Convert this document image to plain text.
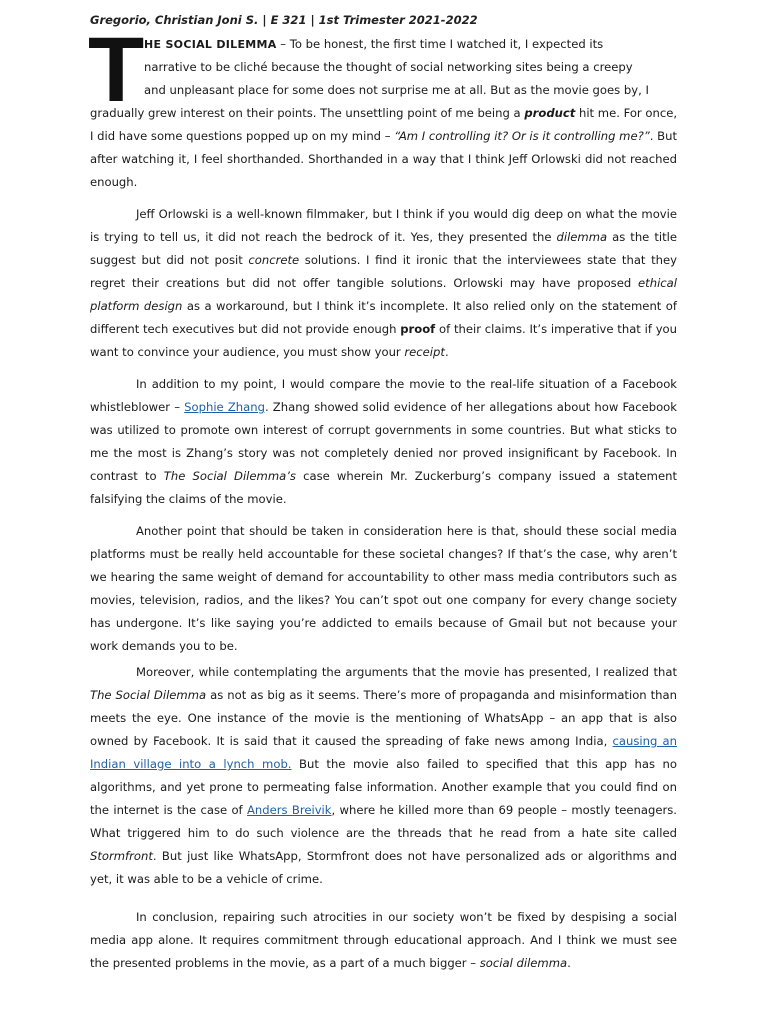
Gregorio, Christian Joni S. | E 321 | 1st Trimester 2021-2022
T HE SOCIAL DILEMMA – To be honest, the first time I watched it, I expected its
narrative to be cliché because the thought of social networking sites being a creepy
and unpleasant place for some does not surprise me at all. But as the movie goes by, I
gradually grew interest on their points. The unsettling point of me being a product hit me. For once, I did have some questions popped up on my mind – “Am I controlling it? Or is it controlling me?”. But after watching it, I feel shorthanded. Shorthanded in a way that I think Jeff Orlowski did not reached enough.

Jeff Orlowski is a well-known filmmaker, but I think if you would dig deep on what the movie is trying to tell us, it did not reach the bedrock of it. Yes, they presented the dilemma as the title suggest but did not posit concrete solutions. I find it ironic that the interviewees state that they regret their creations but did not offer tangible solutions. Orlowski may have proposed ethical platform design as a workaround, but I think it’s incomplete. It also relied only on the statement of different tech executives but did not provide enough proof of their claims. It’s imperative that if you want to convince your audience, you must show your receipt.

In addition to my point, I would compare the movie to the real-life situation of a Facebook whistleblower – Sophie Zhang. Zhang showed solid evidence of her allegations about how Facebook was utilized to promote own interest of corrupt governments in some countries. But what sticks to me the most is Zhang’s story was not completely denied nor proved insignificant by Facebook. In contrast to The Social Dilemma’s case wherein Mr. Zuckerburg’s company issued a statement falsifying the claims of the movie.

Another point that should be taken in consideration here is that, should these social media platforms must be really held accountable for these societal changes? If that’s the case, why aren’t we hearing the same weight of demand for accountability to other mass media contributors such as movies, television, radios, and the likes? You can’t spot out one company for every change society has undergone. It’s like saying you’re addicted to emails because of Gmail but not because your work demands you to be.

Moreover, while contemplating the arguments that the movie has presented, I realized that The Social Dilemma as not as big as it seems. There’s more of propaganda and misinformation than meets the eye. One instance of the movie is the mentioning of WhatsApp – an app that is also owned by Facebook. It is said that it caused the spreading of fake news among India, causing an Indian village into a lynch mob. But the movie also failed to specified that this app has no algorithms, and yet prone to permeating false information. Another example that you could find on the internet is the case of Anders Breivik, where he killed more than 69 people – mostly teenagers. What triggered him to do such violence are the threads that he read from a hate site called Stormfront. But just like WhatsApp, Stormfront does not have personalized ads or algorithms and yet, it was able to be a vehicle of crime.

In conclusion, repairing such atrocities in our society won’t be fixed by despising a social media app alone. It requires commitment through educational approach. And I think we must see the presented problems in the movie, as a part of a much bigger – social dilemma.
